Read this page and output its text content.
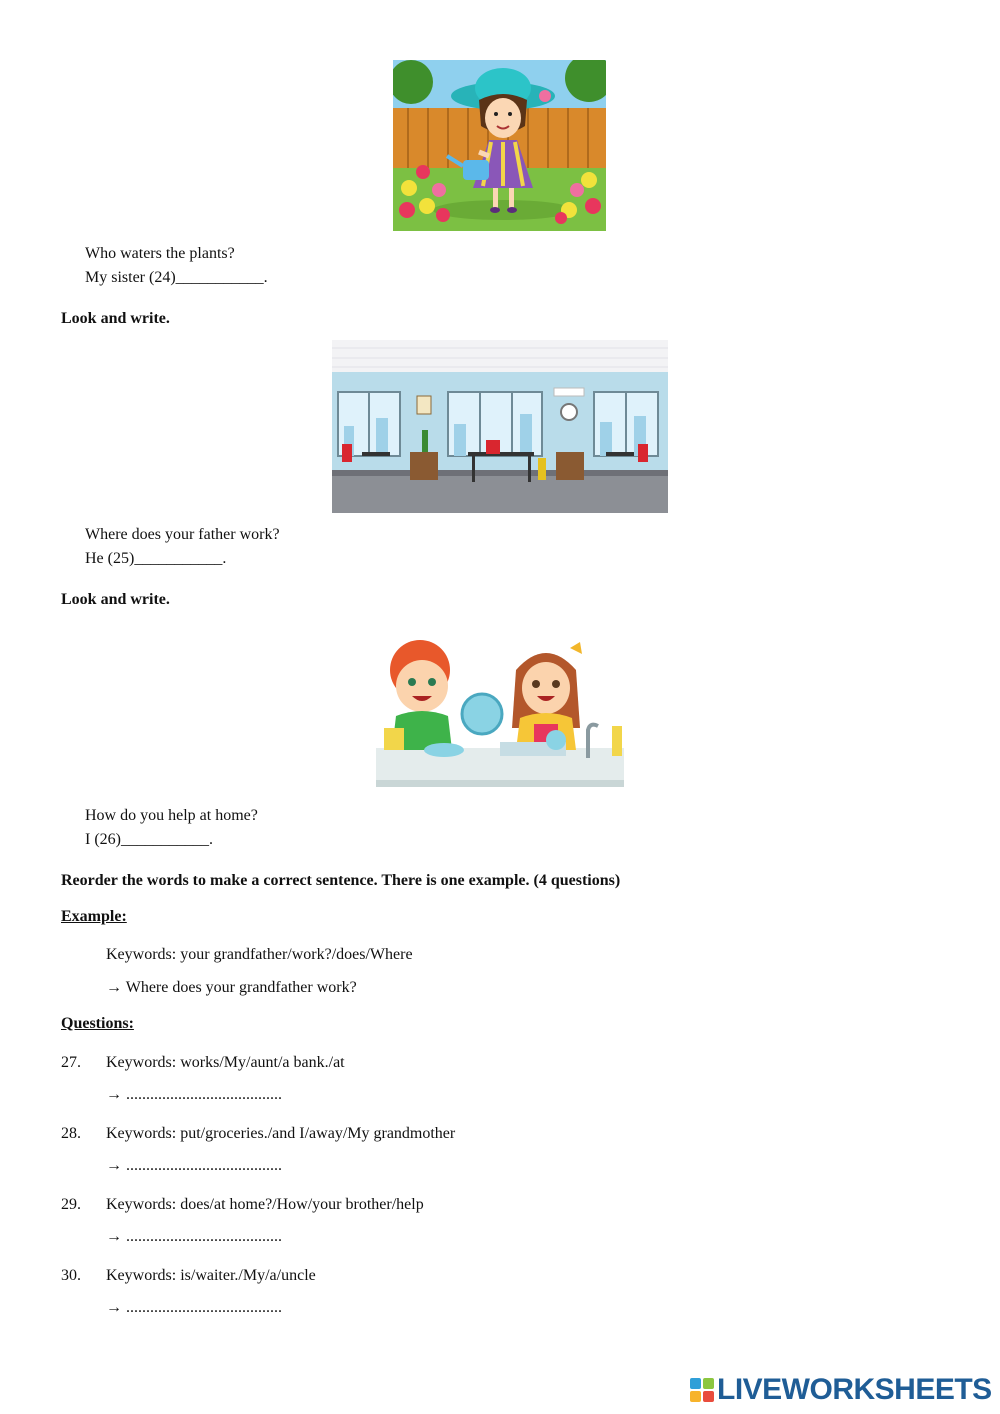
Who waters the plants?
My sister (24)___________.
Look and write.
Where does your father work?
He (25)___________.
Look and write.
How do you help at home?
I (26)___________.
Reorder the words to make a correct sentence. There is one example. (4 questions)
Example:
Keywords: your grandfather/work?/does/Where
→ Where does your grandfather work?
Questions:
27. Keywords: works/My/aunt/a bank./at
→ .......................................
28. Keywords: put/groceries./and I/away/My grandmother
→ .......................................
29. Keywords: does/at home?/How/your brother/help
→ .......................................
30. Keywords: is/waiter./My/a/uncle
→ .......................................
LIVEWORKSHEETS
